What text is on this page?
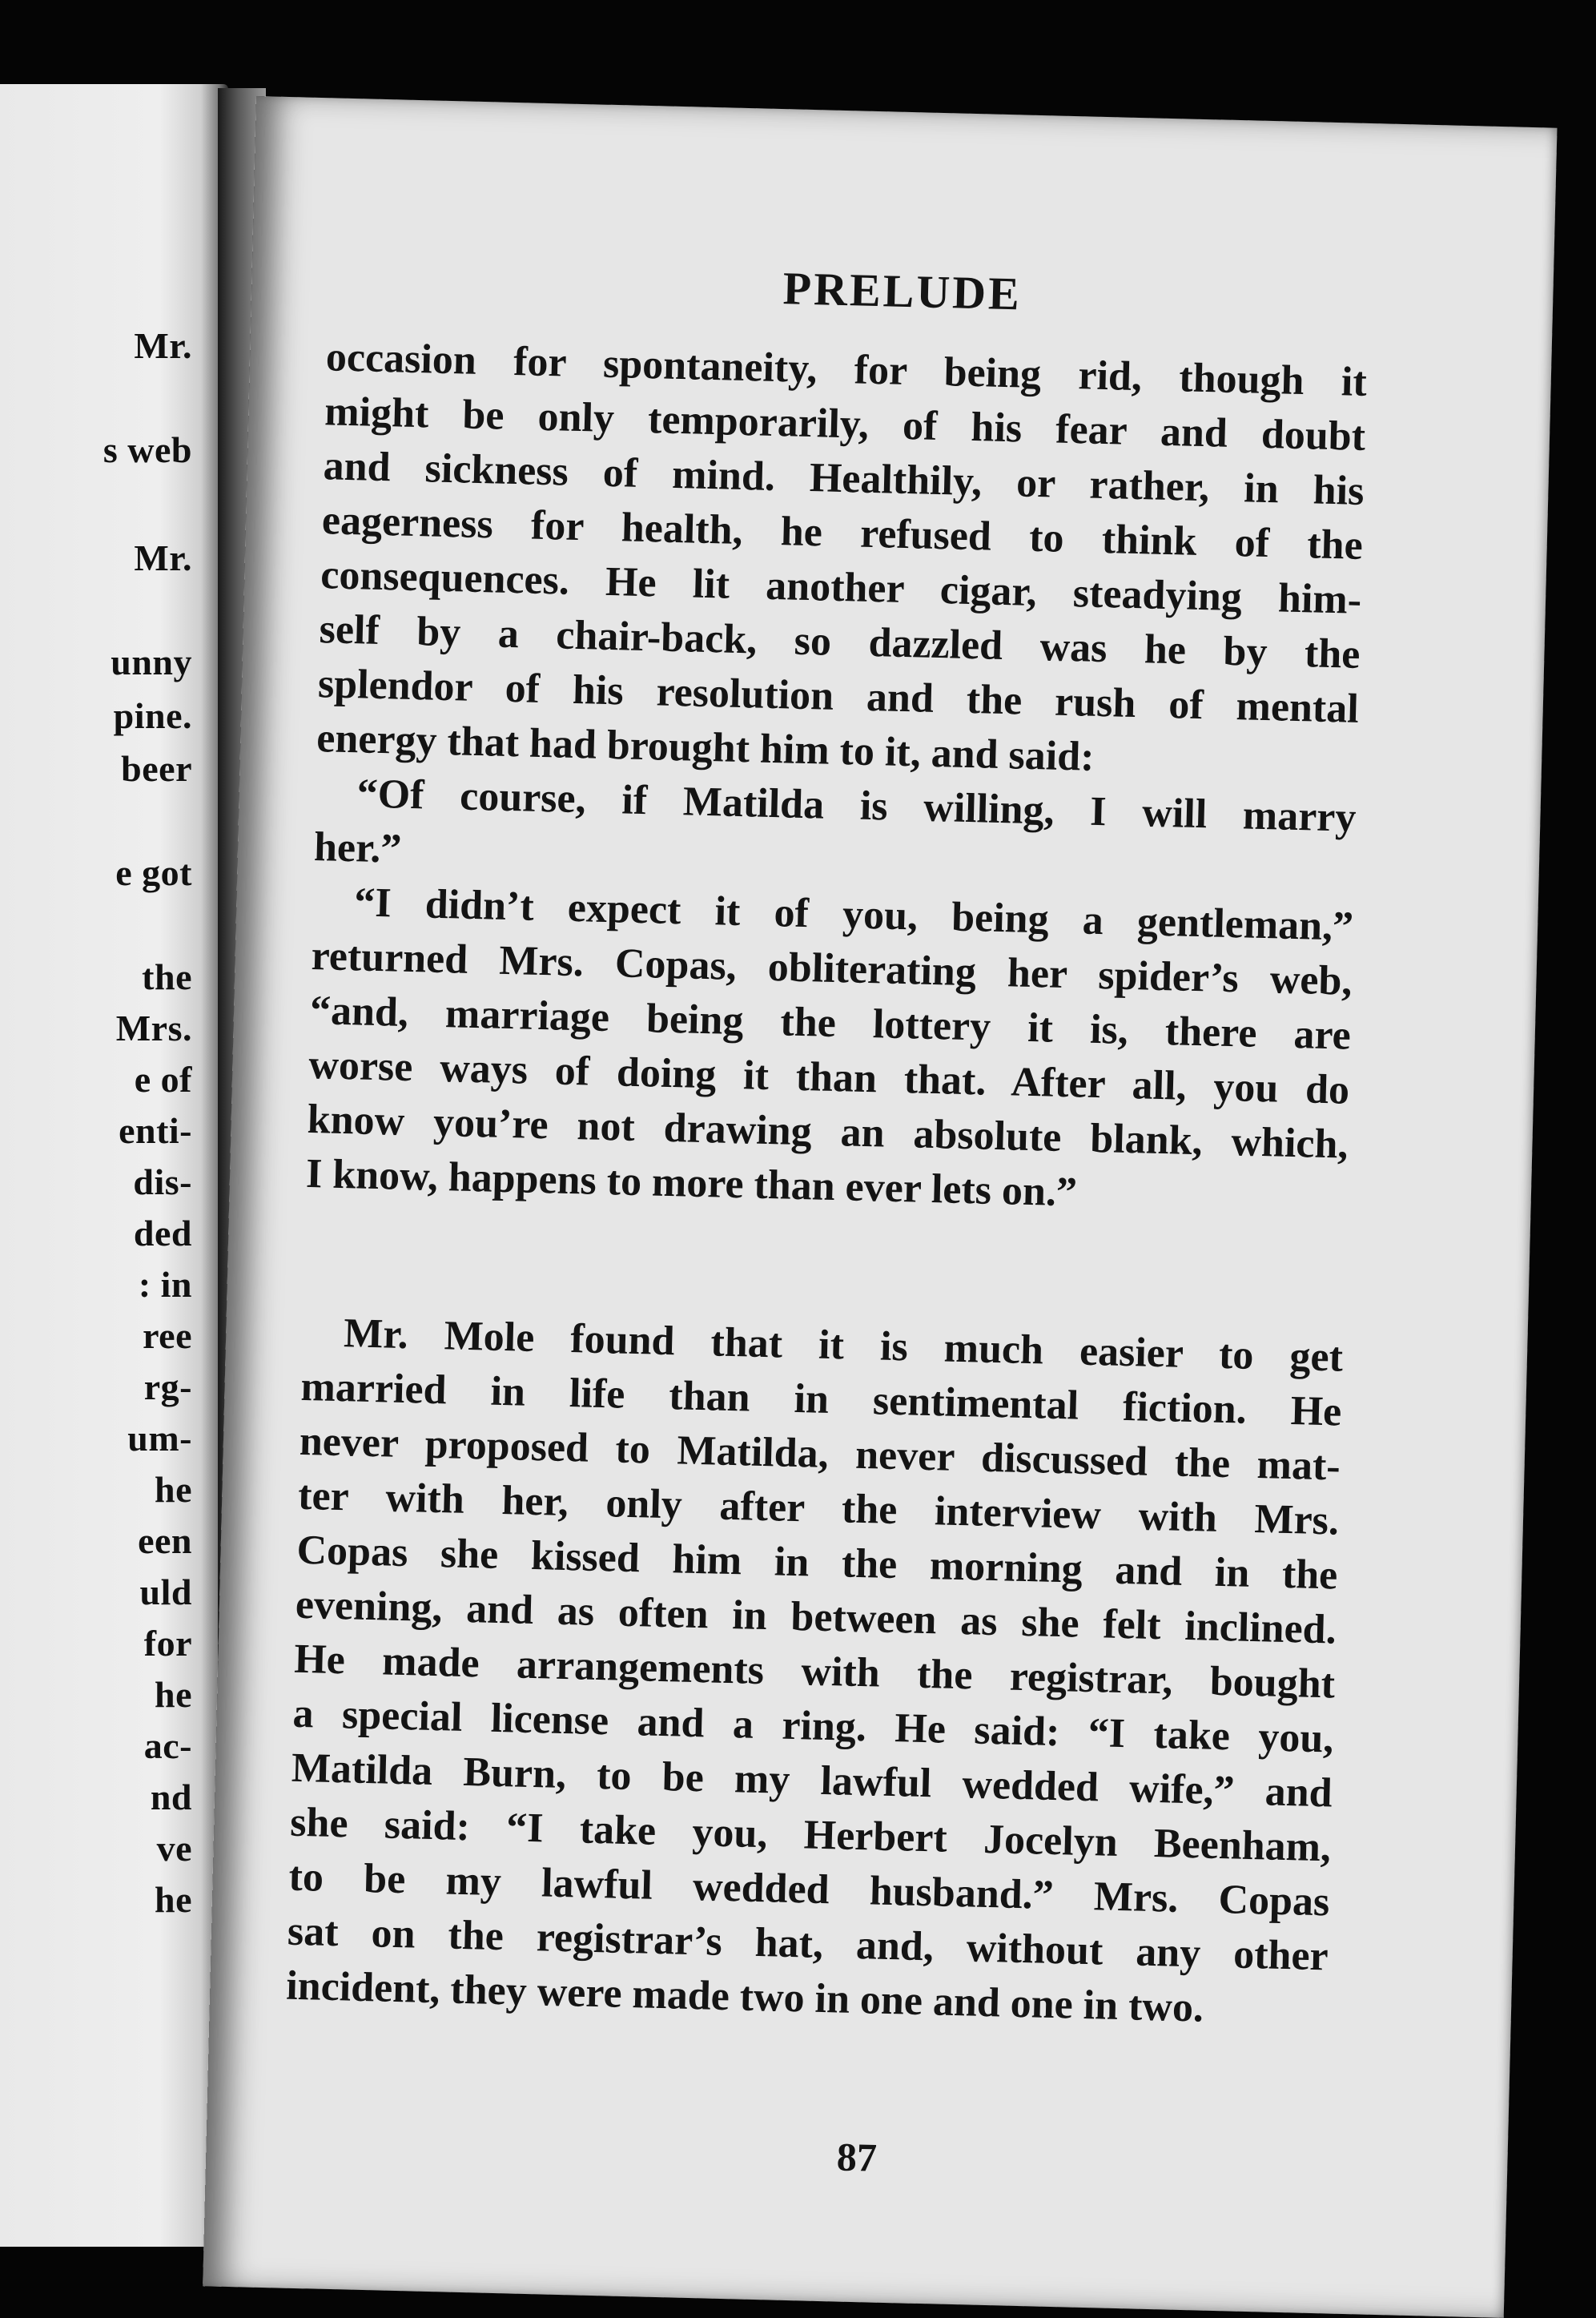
Mr.
s web
Mr.
unny
pine.
beer
e got
the
Mrs.
e of
enti-
dis-
ded
: in
ree
rg-
um-
he
een
uld
for
he
ac-
nd
ve
he
PRELUDE
occasion for spontaneity, for being rid, though it
might be only temporarily, of his fear and doubt
and sickness of mind. Healthily, or rather, in his
eagerness for health, he refused to think of the
consequences. He lit another cigar, steadying him-
self by a chair-back, so dazzled was he by the
splendor of his resolution and the rush of mental
energy that had brought him to it, and said:
“Of course, if Matilda is willing, I will marry
her.”
“I didn’t expect it of you, being a gentleman,”
returned Mrs. Copas, obliterating her spider’s web,
“and, marriage being the lottery it is, there are
worse ways of doing it than that. After all, you do
know you’re not drawing an absolute blank, which,
I know, happens to more than ever lets on.”
Mr. Mole found that it is much easier to get
married in life than in sentimental fiction. He
never proposed to Matilda, never discussed the mat-
ter with her, only after the interview with Mrs.
Copas she kissed him in the morning and in the
evening, and as often in between as she felt inclined.
He made arrangements with the registrar, bought
a special license and a ring. He said: “I take you,
Matilda Burn, to be my lawful wedded wife,” and
she said: “I take you, Herbert Jocelyn Beenham,
to be my lawful wedded husband.” Mrs. Copas
sat on the registrar’s hat, and, without any other
incident, they were made two in one and one in two.
87
